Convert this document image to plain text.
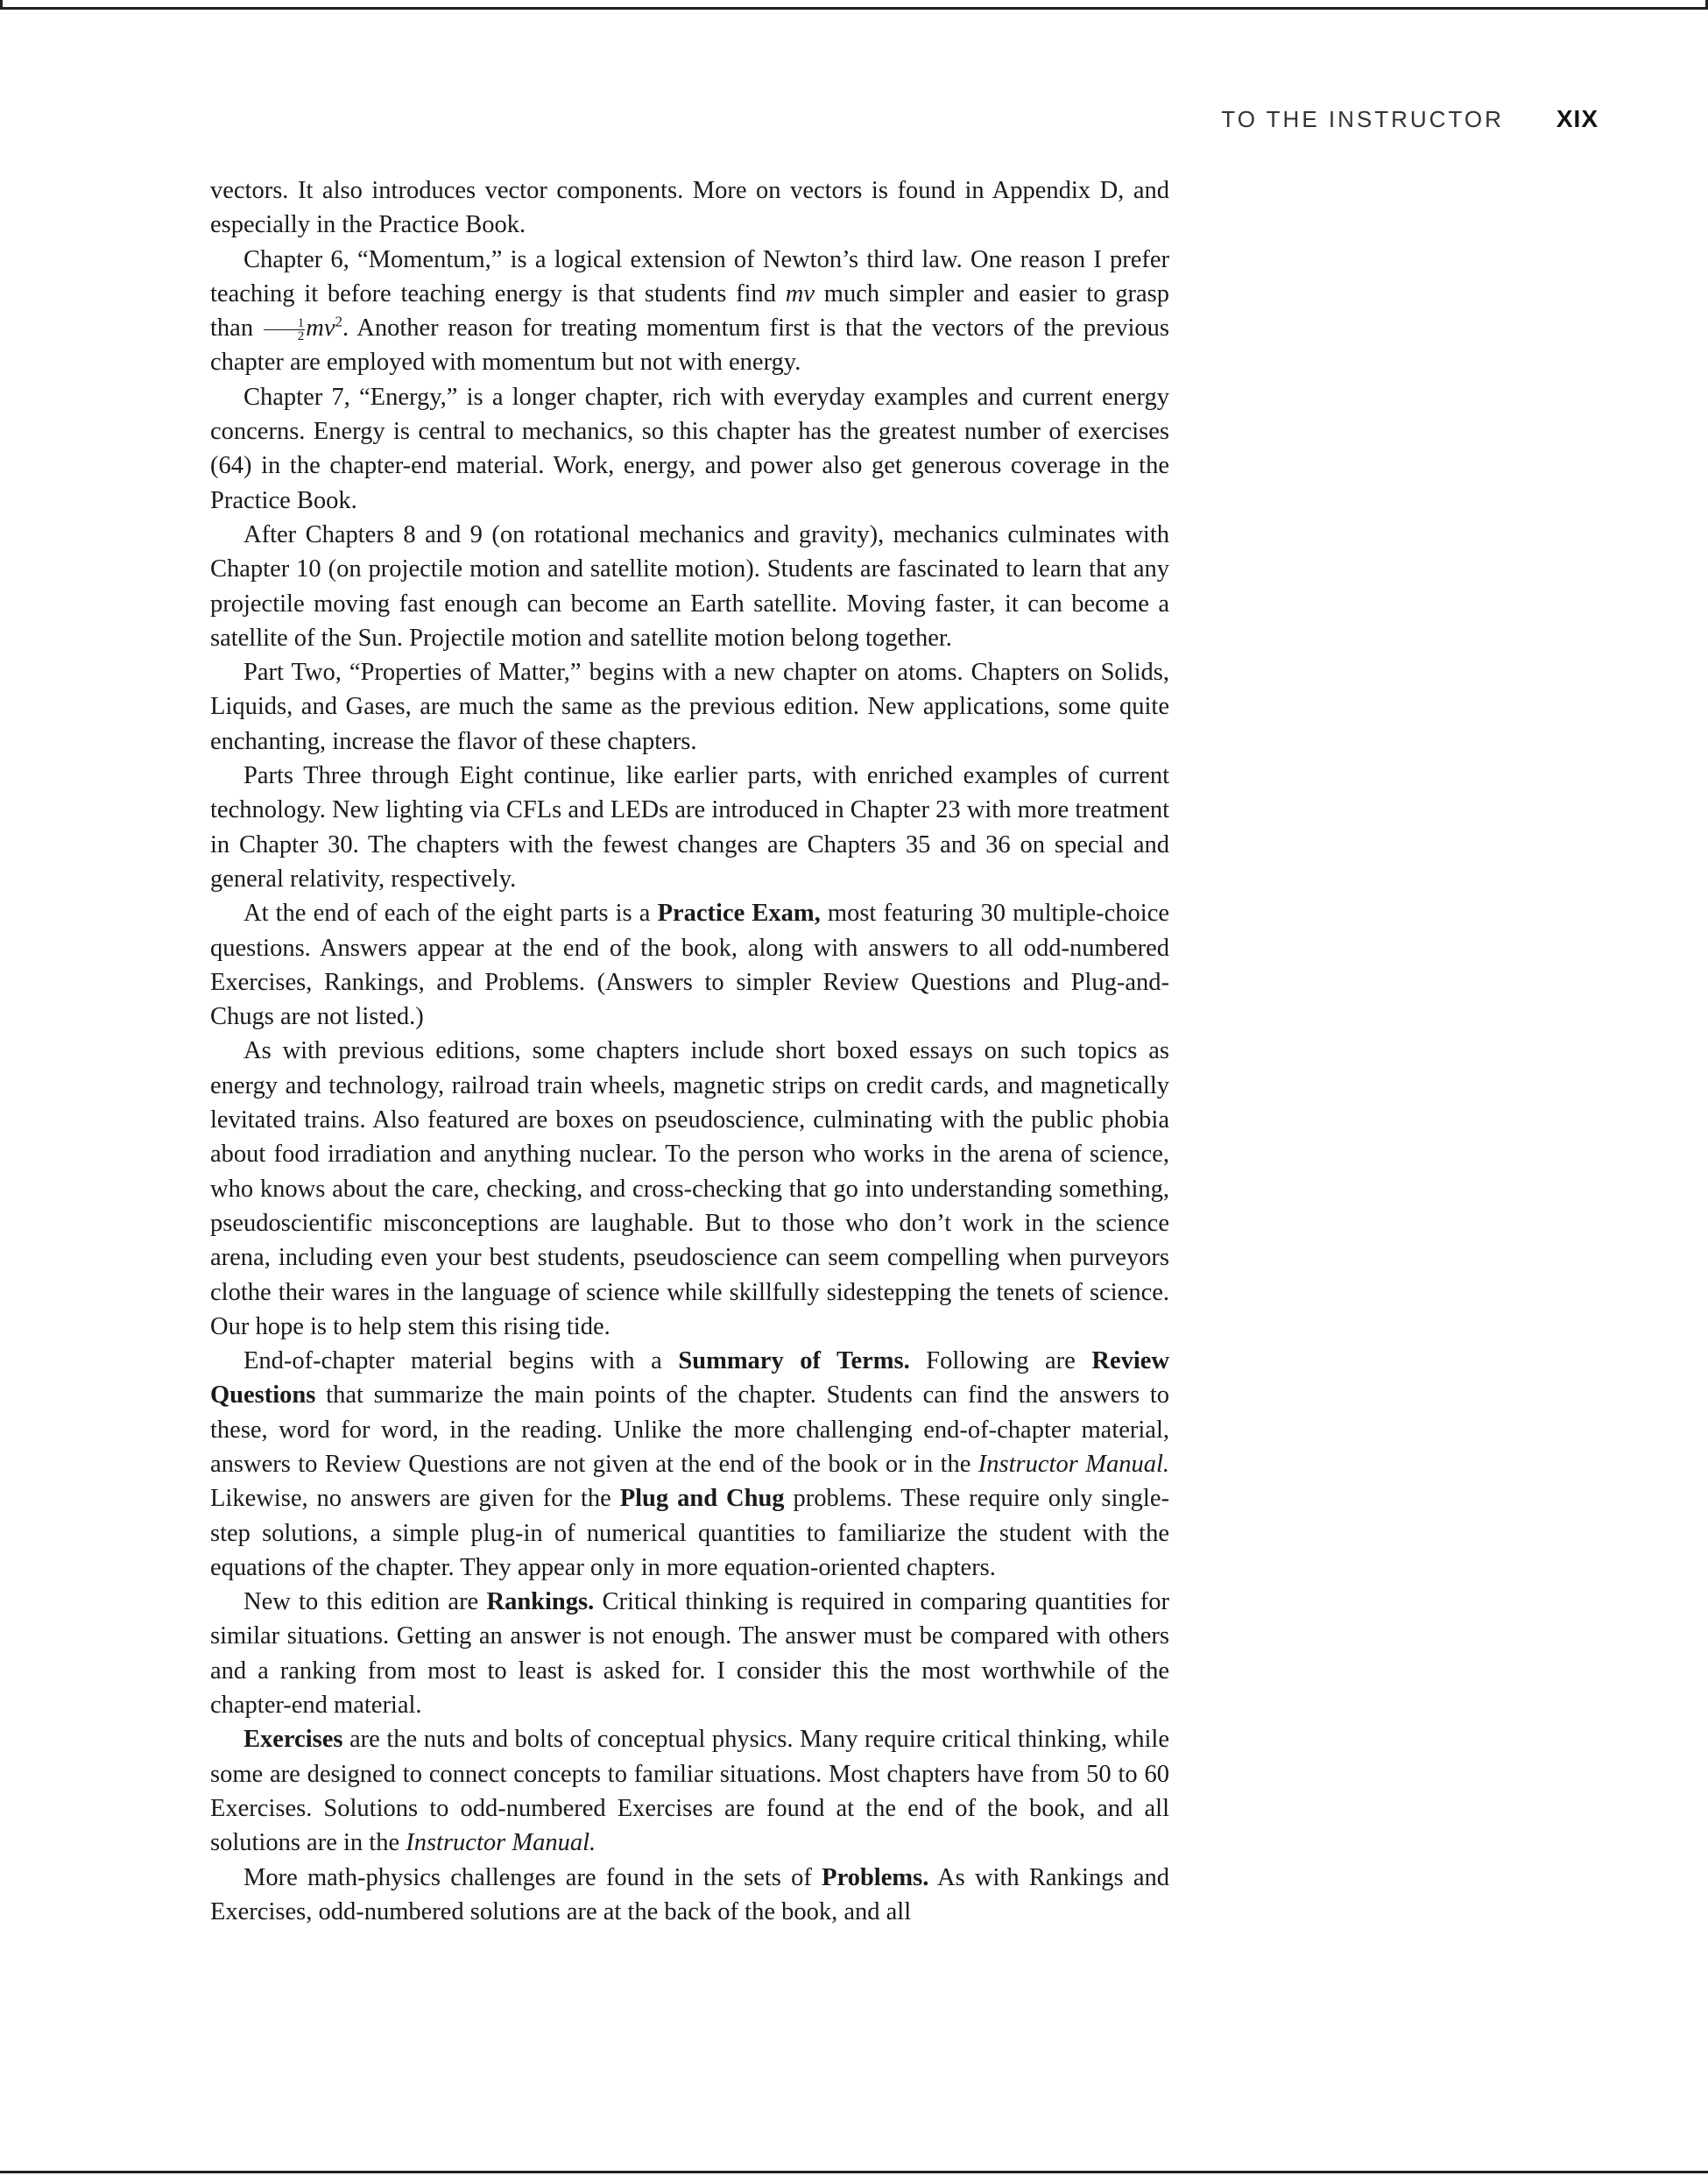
TO THE INSTRUCTOR XIX

vectors. It also introduces vector components. More on vectors is found in Appendix D, and especially in the Practice Book.

Chapter 6, “Momentum,” is a logical extension of Newton’s third law. One reason I prefer teaching it before teaching energy is that students find mv much simpler and easier to grasp than $\frac{1}{2} mv^2$. Another reason for treating momentum first is that the vectors of the previous chapter are employed with momentum but not with energy.

Chapter 7, “Energy,” is a longer chapter, rich with everyday examples and current energy concerns. Energy is central to mechanics, so this chapter has the greatest number of exercises (64) in the chapter-end material. Work, energy, and power also get generous coverage in the Practice Book.

After Chapters 8 and 9 (on rotational mechanics and gravity), mechanics culminates with Chapter 10 (on projectile motion and satellite motion). Students are fascinated to learn that any projectile moving fast enough can become an Earth satellite. Moving faster, it can become a satellite of the Sun. Projectile motion and satellite motion belong together.

Part Two, “Properties of Matter,” begins with a new chapter on atoms. Chapters on Solids, Liquids, and Gases, are much the same as the previous edition. New applications, some quite enchanting, increase the flavor of these chapters.

Parts Three through Eight continue, like earlier parts, with enriched examples of current technology. New lighting via CFLs and LEDs are introduced in Chapter 23 with more treatment in Chapter 30. The chapters with the fewest changes are Chapters 35 and 36 on special and general relativity, respectively.

At the end of each of the eight parts is a Practice Exam, most featuring 30 multiple-choice questions. Answers appear at the end of the book, along with answers to all odd-numbered Exercises, Rankings, and Problems. (Answers to simpler Review Questions and Plug-and-Chugs are not listed.)

As with previous editions, some chapters include short boxed essays on such topics as energy and technology, railroad train wheels, magnetic strips on credit cards, and magnetically levitated trains. Also featured are boxes on pseudoscience, culminating with the public phobia about food irradiation and anything nuclear. To the person who works in the arena of science, who knows about the care, checking, and cross-checking that go into understanding something, pseudoscientific misconceptions are laughable. But to those who don’t work in the science arena, including even your best students, pseudoscience can seem compelling when purveyors clothe their wares in the language of science while skillfully sidestepping the tenets of science. Our hope is to help stem this rising tide.

End-of-chapter material begins with a Summary of Terms. Following are Review Questions that summarize the main points of the chapter. Students can find the answers to these, word for word, in the reading. Unlike the more challenging end-of-chapter material, answers to Review Questions are not given at the end of the book or in the Instructor Manual. Likewise, no answers are given for the Plug and Chug problems. These require only single-step solutions, a simple plug-in of numerical quantities to familiarize the student with the equations of the chapter. They appear only in more equation-oriented chapters.

New to this edition are Rankings. Critical thinking is required in comparing quantities for similar situations. Getting an answer is not enough. The answer must be compared with others and a ranking from most to least is asked for. I consider this the most worthwhile of the chapter-end material.

Exercises are the nuts and bolts of conceptual physics. Many require critical thinking, while some are designed to connect concepts to familiar situations. Most chapters have from 50 to 60 Exercises. Solutions to odd-numbered Exercises are found at the end of the book, and all solutions are in the Instructor Manual.

More math-physics challenges are found in the sets of Problems. As with Rankings and Exercises, odd-numbered solutions are at the back of the book, and all
